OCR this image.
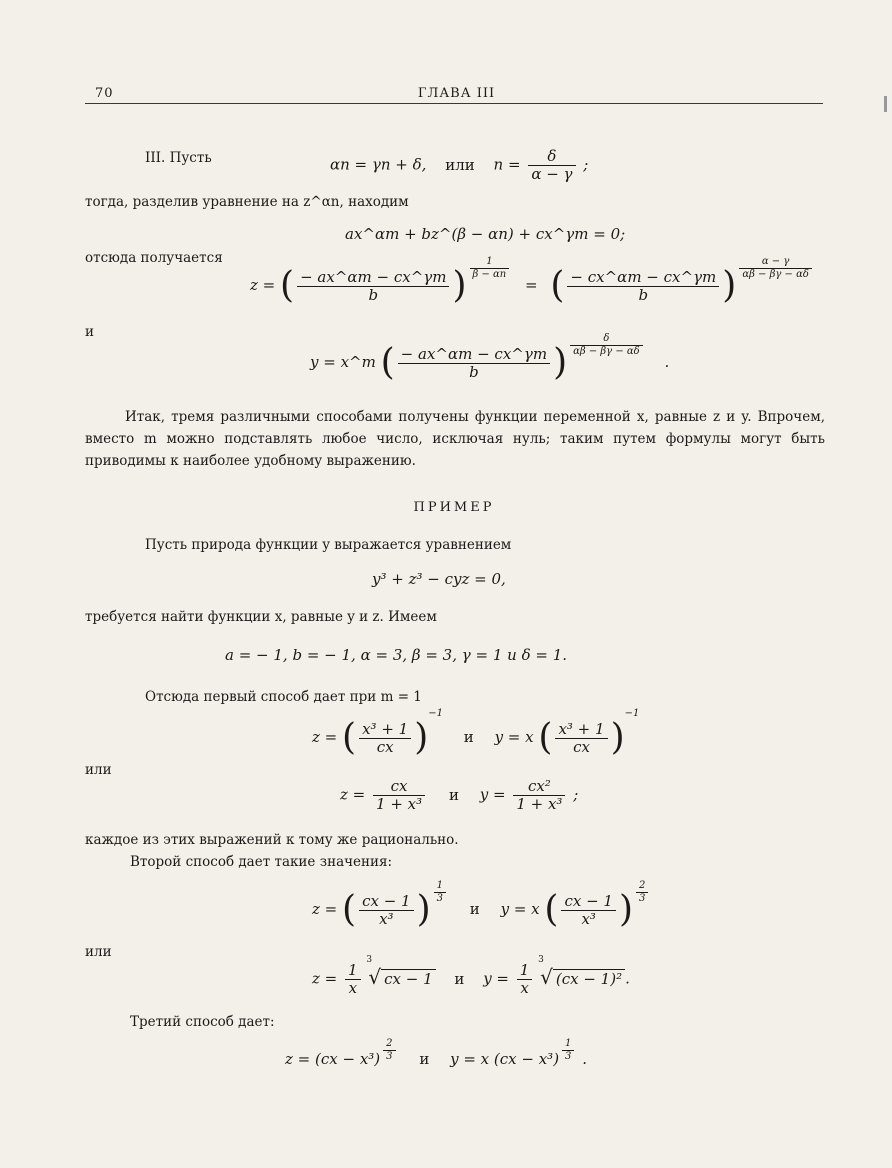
70	ГЛАВА III
III. Пусть	αn = γn + δ, или $n = \frac{\delta}{\alpha - \gamma}$ ;
тогда, разделив уравнение на z^αn, находим
ax^αm + bz^(β − αn) + cx^γm = 0;
отсюда получается
z = ( $\frac{- ax\^{}\alpha m - cx\^{}\gamma m}{b}$ ) $\frac{1}{\beta - \alpha n}$
= ( $\frac{- cx\^{}\alpha m - cx\^{}\gamma m}{b}$ ) $\frac{\alpha - \gamma}{\alpha\beta - \beta\gamma - \alpha\delta}$
и
y = x^m ( $\frac{- ax\^{}\alpha m - cx\^{}\gamma m}{b}$ ) $\frac{\delta}{\alpha\beta - \beta\gamma - \alpha\delta}$
.
Итак, тремя различными способами получены функции переменной x, равные z и y. Впрочем, вместо m можно подставлять любое число, исключая нуль; таким путем формулы могут быть приводимы к наиболее удобному выражению.
ПРИМЕР
Пусть природа функции y выражается уравнением
y³ + z³ − cyz = 0,
требуется найти функции x, равные y и z. Имеем
a = − 1, b = − 1, α = 3, β = 3, γ = 1 и δ = 1.
Отсюда первый способ дает при m = 1
z = ( $\frac{\text{x³ + 1}}{cx} )-1$ и y = x ( $\frac{\text{x³ + 1}}{cx} )-1$
или
$z = \frac{cx}{\text{1 + x³}}$ и $y = \frac{\text{cx²}}{\text{1 + x³}}$ ;
каждое из этих выражений к тому же рационально.
Второй способ дает такие значения:
z = ( $\frac{cx - 1}{\text{x³}}$ ) $\frac{1}{3}$
и y = x ( $\frac{cx - 1}{\text{x³}}$ ) $\frac{2}{3}$
или
$z = \frac{1}{x}$

3
√ cx − 1 и $y = \frac{1}{x}$

3
√ (cx − 1)² .
Третий способ дает:
$z = (cx - x^3) \frac{2}{3}$ и y = x $(cx - x^3) \frac{1}{3}$ .
